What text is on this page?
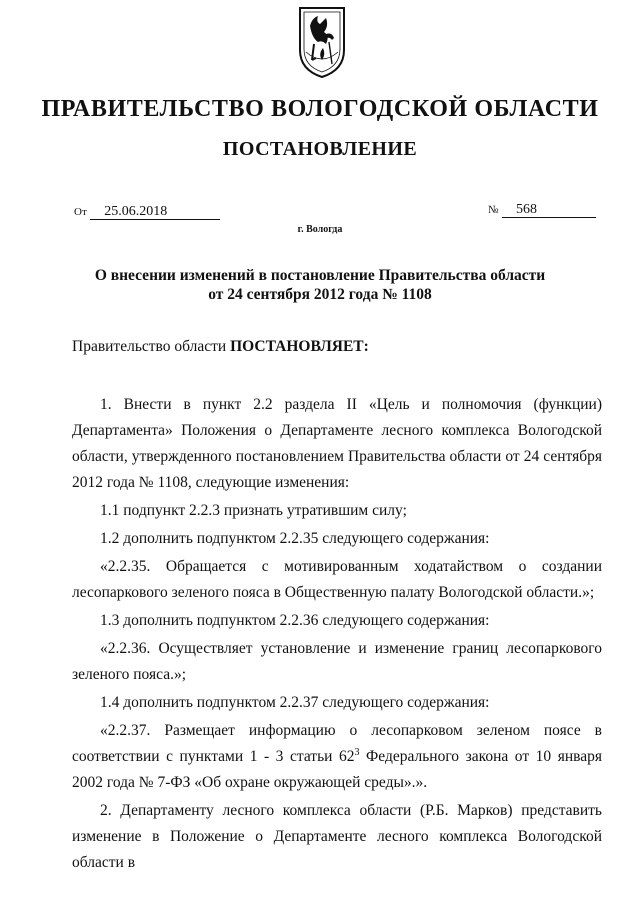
ПРАВИТЕЛЬСТВО ВОЛОГОДСКОЙ ОБЛАСТИ
ПОСТАНОВЛЕНИЕ
От 25.06.2018	№ 568
г. Вологда
О внесении изменений в постановление Правительства области
от 24 сентября 2012 года № 1108
Правительство области ПОСТАНОВЛЯЕТ:

1. Внести в пункт 2.2 раздела II «Цель и полномочия (функции) Департамента» Положения о Департаменте лесного комплекса Вологодской области, утвержденного постановлением Правительства области от 24 сентября 2012 года № 1108, следующие изменения:

1.1 подпункт 2.2.3 признать утратившим силу;

1.2 дополнить подпунктом 2.2.35 следующего содержания:

«2.2.35. Обращается с мотивированным ходатайством о создании лесопаркового зеленого пояса в Общественную палату Вологодской области.»;

1.3 дополнить подпунктом 2.2.36 следующего содержания:

«2.2.36. Осуществляет установление и изменение границ лесопаркового зеленого пояса.»;

1.4 дополнить подпунктом 2.2.37 следующего содержания:

«2.2.37. Размещает информацию о лесопарковом зеленом поясе в соответствии с пунктами 1 - 3 статьи $62^3$ Федерального закона от 10 января 2002 года № 7-ФЗ «Об охране окружающей среды».».

2. Департаменту лесного комплекса области (Р.Б. Марков) представить изменение в Положение о Департаменте лесного комплекса Вологодской области в
